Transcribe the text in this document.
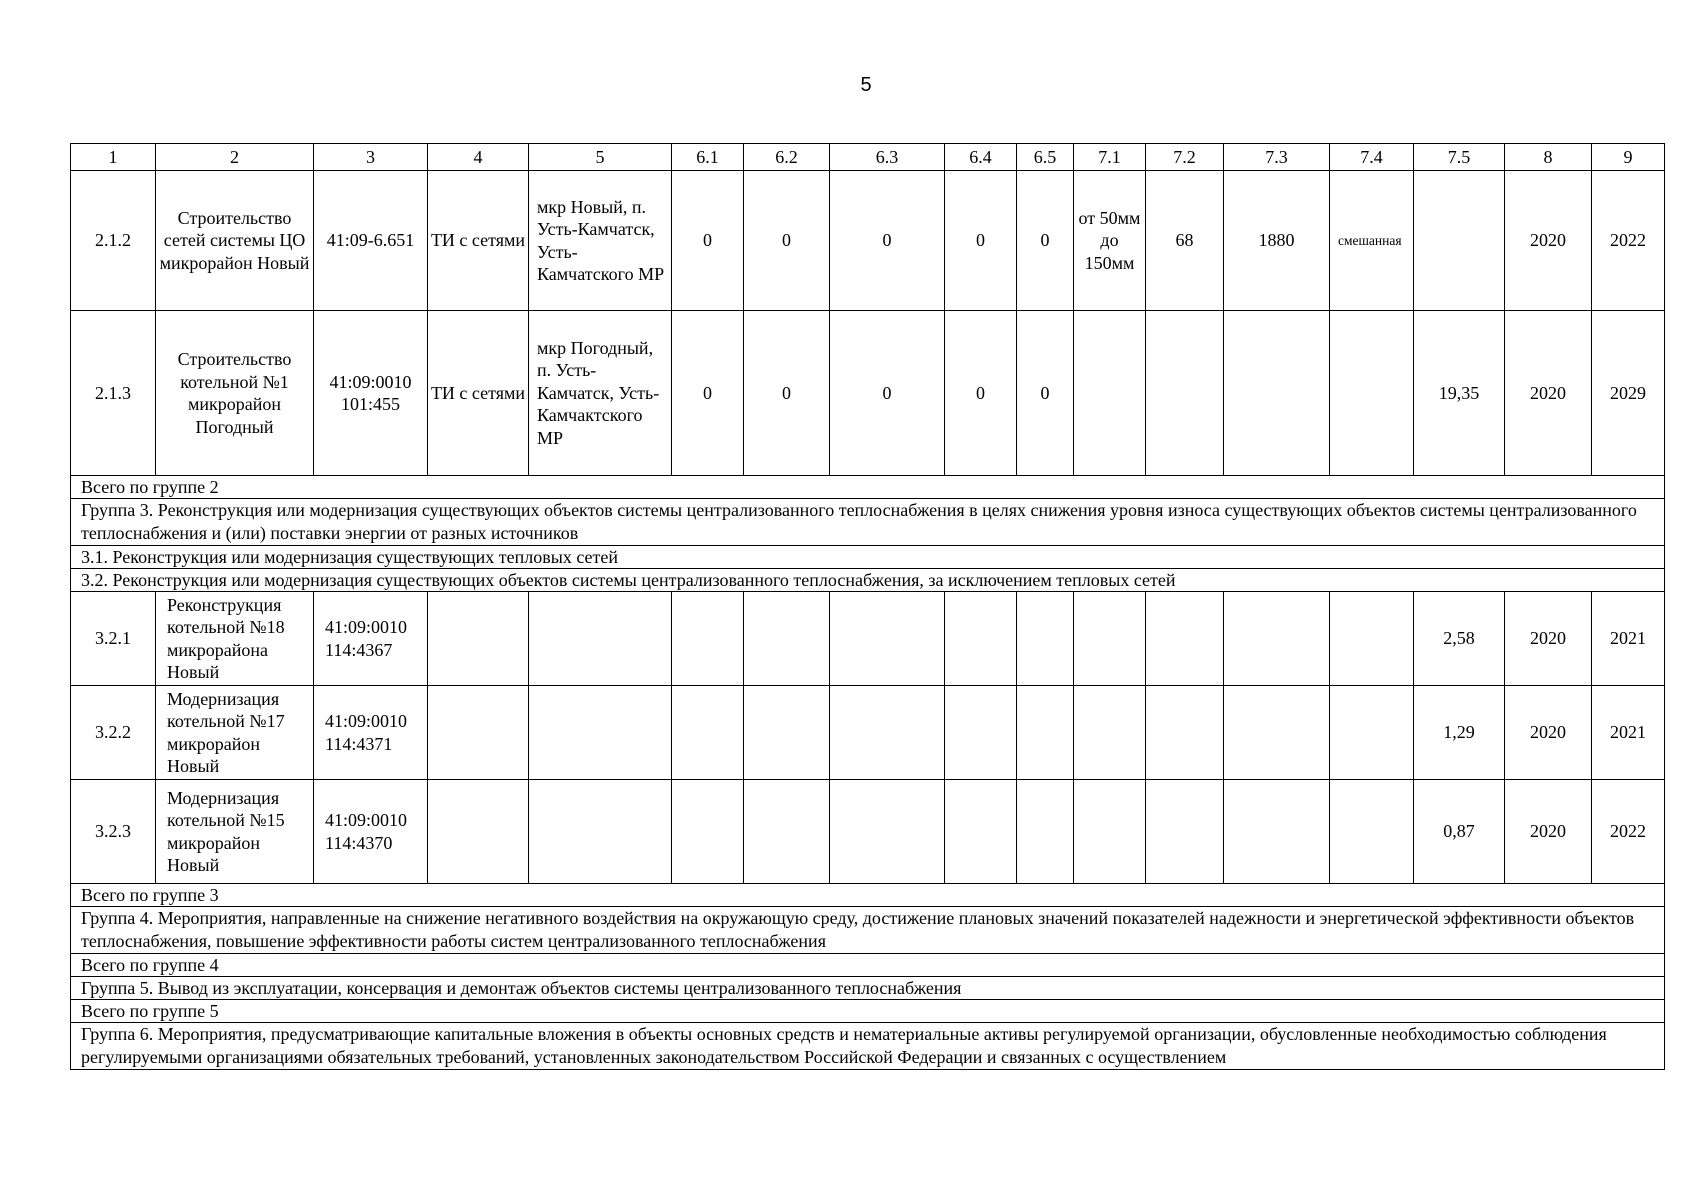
5
1	2	3	4	5	6.1	6.2	6.3	6.4	6.5	7.1	7.2	7.3	7.4	7.5	8	9
2.1.2	Строительство сетей системы ЦО микрорайон Новый	41:09-6.651	ТИ с сетями	мкр Новый, п. Усть-Камчатск, Усть-Камчатского МР	0	0	0	0	0	от 50мм до 150мм	68	1880	смешанная		2020	2022
2.1.3	Строительство котельной №1 микрорайон Погодный	41:09:0010 101:455	ТИ с сетями	мкр Погодный, п. Усть-Камчатск, Усть-Камчактского МР	0	0	0	0	0					19,35	2020	2029
Всего по группе 2																
Группа 3. Реконструкция или модернизация существующих объектов системы централизованного теплоснабжения в целях снижения уровня износа существующих объектов системы централизованного теплоснабжения и (или) поставки энергии от разных источников																
3.1. Реконструкция или модернизация существующих тепловых сетей																
3.2. Реконструкция или модернизация существующих объектов системы централизованного теплоснабжения, за исключением тепловых сетей																
3.2.1	Реконструкция котельной №18 микрорайона Новый	41:09:0010 114:4367												2,58	2020	2021
3.2.2	Модернизация котельной №17 микрорайон Новый	41:09:0010 114:4371												1,29	2020	2021
3.2.3	Модернизация котельной №15 микрорайон Новый	41:09:0010 114:4370												0,87	2020	2022
Всего по группе 3																
Группа 4. Мероприятия, направленные на снижение негативного воздействия на окружающую среду, достижение плановых значений показателей надежности и энергетической эффективности объектов теплоснабжения, повышение эффективности работы систем централизованного теплоснабжения																
Всего по группе 4																
Группа 5. Вывод из эксплуатации, консервация и демонтаж объектов системы централизованного теплоснабжения																
Всего по группе 5																
Группа 6. Мероприятия, предусматривающие капитальные вложения в объекты основных средств и нематериальные активы регулируемой организации, обусловленные необходимостью соблюдения регулируемыми организациями обязательных требований, установленных законодательством Российской Федерации и связанных с осуществлением																
